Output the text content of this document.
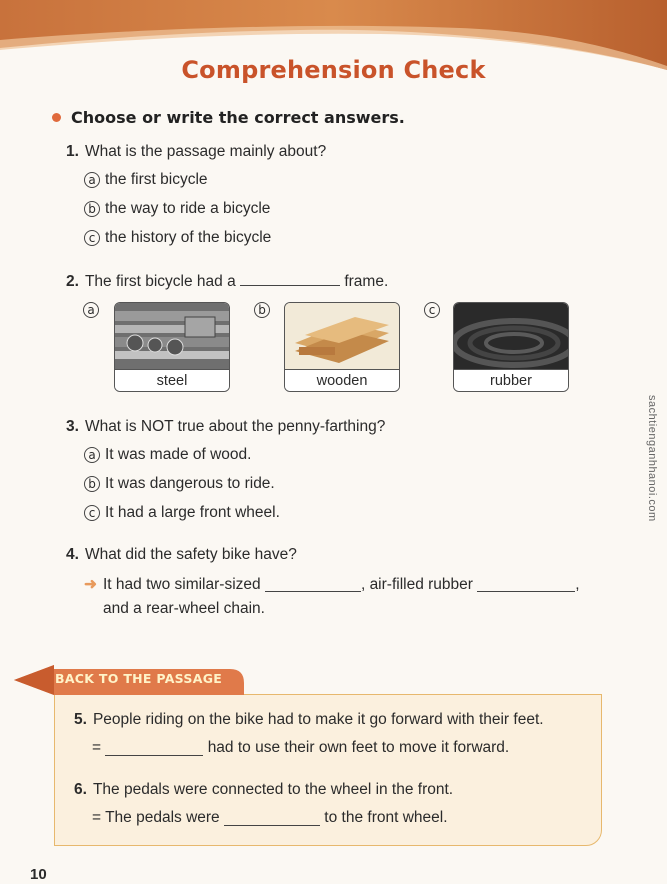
Comprehension Check
Choose or write the correct answers.
1. What is the passage mainly about?
a the first bicycle
b the way to ride a bicycle
c the history of the bicycle
2. The first bicycle had a	frame.
a
steel
b
wooden
c
rubber
3. What is NOT true about the penny-farthing?
a It was made of wood.
b It was dangerous to ride.
c It had a large front wheel.
4. What did the safety bike have?
➜ It had two similar-sized
	, air-filled rubber
	,
and a rear-wheel chain.
BACK TO THE PASSAGE
5. People riding on the bike had to make it go forward with their feet.
=

	had to use their own feet to move it forward.
6. The pedals were connected to the wheel in the front.
= The pedals were

	to the front wheel.
10
sachtienganhhanoi.com
